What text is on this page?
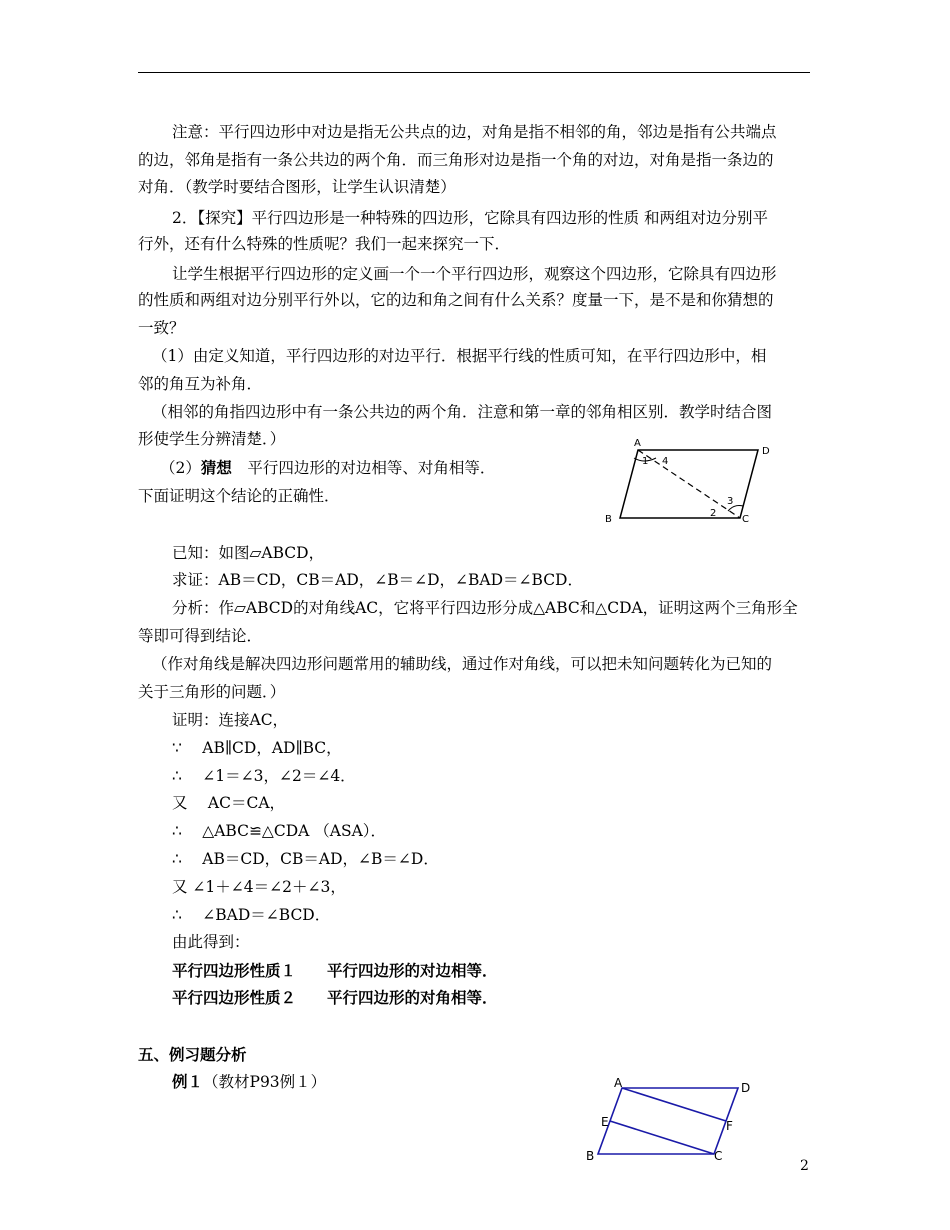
注意：平行四边形中对边是指无公共点的边，对角是指不相邻的角，邻边是指有公共端点
的边，邻角是指有一条公共边的两个角．而三角形对边是指一个角的对边，对角是指一条边的
对角．（教学时要结合图形，让学生认识清楚）
2．【探究】平行四边形是一种特殊的四边形，它除具有四边形的性质 和两组对边分别平
行外，还有什么特殊的性质呢？我们一起来探究一下．
让学生根据平行四边形的定义画一个一个平行四边形，观察这个四边形，它除具有四边形
的性质和两组对边分别平行外以，它的边和角之间有什么关系？度量一下，是不是和你猜想的
一致？
（1）由定义知道，平行四边形的对边平行．根据平行线的性质可知，在平行四边形中，相
邻的角互为补角．
（相邻的角指四边形中有一条公共边的两个角．注意和第一章的邻角相区别．教学时结合图
形使学生分辨清楚．）
（2）猜想　平行四边形的对边相等、对角相等．
下面证明这个结论的正确性．
A
B	C
D
1 4
2
3
已知：如图▱ABCD，
求证：AB＝CD，CB＝AD，∠B＝∠D，∠BAD＝∠BCD．
分析：作▱ABCD的对角线AC，它将平行四边形分成△ABC和△CDA，证明这两个三角形全
等即可得到结论．
（作对角线是解决四边形问题常用的辅助线，通过作对角线，可以把未知问题转化为已知的
关于三角形的问题．）
证明：连接AC，
∵　 AB∥CD，AD∥BC，
∴　 ∠1＝∠3，∠2＝∠4．
又　 AC＝CA，
∴　 △ABC≌△CDA （ASA）．
∴　 AB＝CD，CB＝AD，∠B＝∠D．
又 ∠1＋∠4＝∠2＋∠3，
∴　 ∠BAD＝∠BCD．
由此得到：
平行四边形性质１　　平行四边形的对边相等．
平行四边形性质２　　平行四边形的对角相等．
五、例习题分析
例１（教材P93例１）	A	D
E	F
B	C
2
